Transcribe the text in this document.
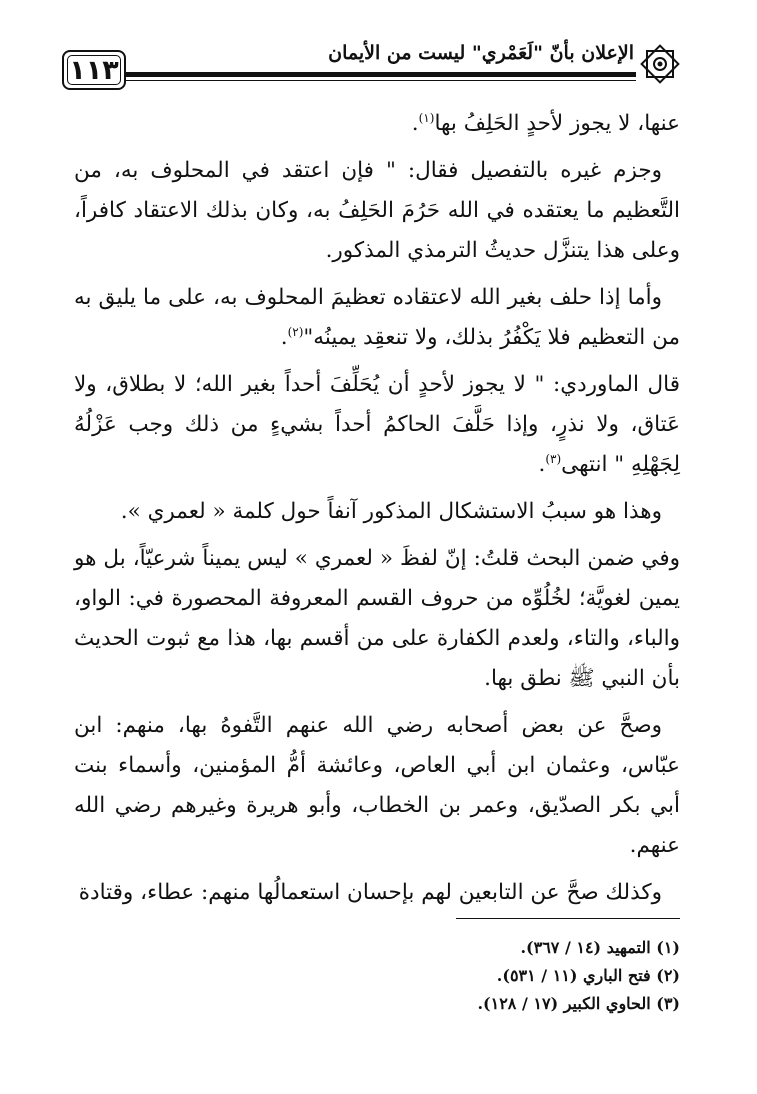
الإعلان بأنّ "لَعَمْري" ليست من الأيمان
١١٣

عنها، لا يجوز لأحدٍ الحَلِفُ بها$^{(١)}$.

وجزم غيره بالتفصيل فقال: " فإن اعتقد في المحلوف به، من التَّعظيم ما يعتقده في الله حَرُمَ الحَلِفُ به، وكان بذلك الاعتقاد كافراً، وعلى هذا يتنزَّل حديثُ الترمذي المذكور.

وأما إذا حلف بغير الله لاعتقاده تعظيمَ المحلوف به، على ما يليق به من التعظيم فلا يَكْفُرُ بذلك، ولا تنعقِد يمينُه"$^{(٢)}$.

قال الماوردي: " لا يجوز لأحدٍ أن يُحَلِّفَ أحداً بغير الله؛ لا بطلاق، ولا عَتاق، ولا نذرٍ، وإذا حَلَّفَ الحاكمُ أحداً بشيءٍ من ذلك وجب عَزْلُهُ لِجَهْلِهِ " انتهى$^{(٣)}$.

وهذا هو سببُ الاستشكال المذكور آنفاً حول كلمة « لعمري ».

وفي ضمن البحث قلتُ: إنّ لفظَ « لعمري » ليس يميناً شرعيّاً، بل هو يمين لغويَّة؛ لخُلُوِّه من حروف القسم المعروفة المحصورة في: الواو، والباء، والتاء، ولعدم الكفارة على من أقسم بها، هذا مع ثبوت الحديث بأن النبي ﷺ نطق بها.

وصحَّ عن بعض أصحابه رضي الله عنهم التَّفوهُ بها، منهم: ابن عبّاس، وعثمان ابن أبي العاص، وعائشة أمُّ المؤمنين، وأسماء بنت أبي بكر الصدّيق، وعمر بن الخطاب، وأبو هريرة وغيرهم رضي الله عنهم.

وكذلك صحَّ عن التابعين لهم بإحسان استعمالُها منهم: عطاء، وقتادة

(١) التمهيد (١٤ / ٣٦٧).
(٢) فتح الباري (١١ / ٥٣١).
(٣) الحاوي الكبير (١٧ / ١٢٨).
